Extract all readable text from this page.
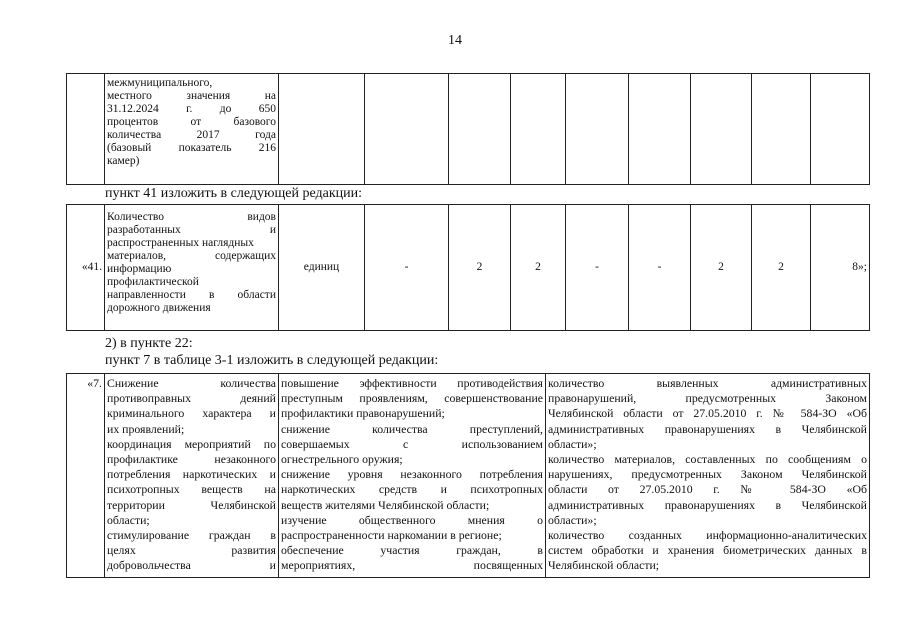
14

межмуниципального,
местного значения на
31.12.2024 г. до 650
процентов от базового
количества 2017 года
(базовый показатель 216
камер)

пункт 41 изложить в следующей редакции:
«41.	
Количество видов
разработанных и
распространенных наглядных
материалов, содержащих
информацию
профилактической
направленности в области
дорожного движения
	единиц	-	2	2	-	-	2	2	8»;
2) в пункте 22:
пункт 7 в таблице 3-1 изложить в следующей редакции:
«7.	Снижение количества
противоправных деяний
криминального характера и
их проявлений;
координация мероприятий по
профилактике незаконного
потребления наркотических и
психотропных веществ на
территории Челябинской
области;
стимулирование граждан в
целях развития
добровольчества и

повышение эффективности противодействия
преступным проявлениям, совершенствование
профилактики правонарушений;
снижение количества преступлений,
совершаемых с использованием
огнестрельного оружия;
снижение уровня незаконного потребления
наркотических средств и психотропных
веществ жителями Челябинской области;
изучение общественного мнения о
распространенности наркомании в регионе;
обеспечение участия граждан, в
мероприятиях, посвященных

количество выявленных административных
правонарушений, предусмотренных Законом
Челябинской области от 27.05.2010 г. № 584-ЗО «Об
административных правонарушениях в Челябинской
области»;
количество материалов, составленных по сообщениям о
нарушениях, предусмотренных Законом Челябинской
области от 27.05.2010 г. № 584-ЗО «Об
административных правонарушениях в Челябинской
области»;
количество созданных информационно-аналитических
систем обработки и хранения биометрических данных в
Челябинской области;
